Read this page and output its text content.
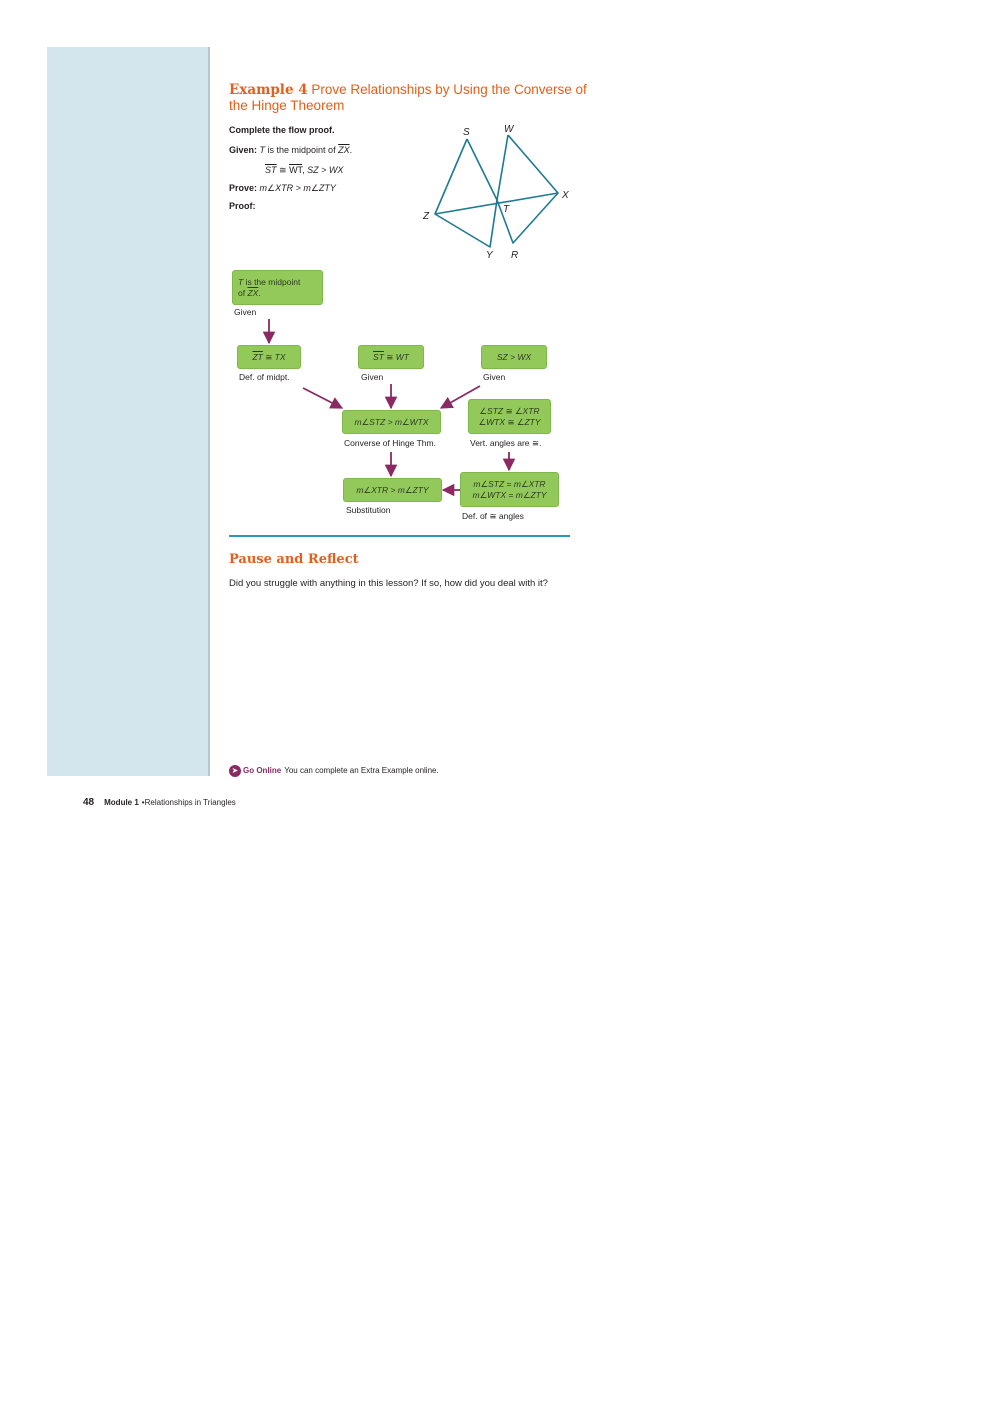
Example 4 Prove Relationships by Using the Converse of the Hinge Theorem
Complete the flow proof.
Given: T is the midpoint of $\overline{ZX}$.
$\overline{ST}$ ≅ $\overline{WT}$, SZ > WX
Prove: m∠XTR > m∠ZTY
Proof:
S	W
X
Z
T
Y R
T is the midpoint
of $\overline{ZX}$.
Given
$\overline{ZT}$ ≅ TX
Def. of midpt.
$\overline{ST}$ ≅ WT
Given
SZ > WX
Given
m∠STZ > m∠WTX
Converse of Hinge Thm.
∠STZ ≅ ∠XTR
∠WTX ≅ ∠ZTY
Vert. angles are ≅.
m∠XTR > m∠ZTY
Substitution
m∠STZ = m∠XTR
m∠WTX = m∠ZTY
Def. of ≅ angles
Pause and Reflect
Did you struggle with anything in this lesson? If so, how did you deal with it?
➤ Go Online You can complete an Extra Example online.
48 Module 1 • Relationships in Triangles
